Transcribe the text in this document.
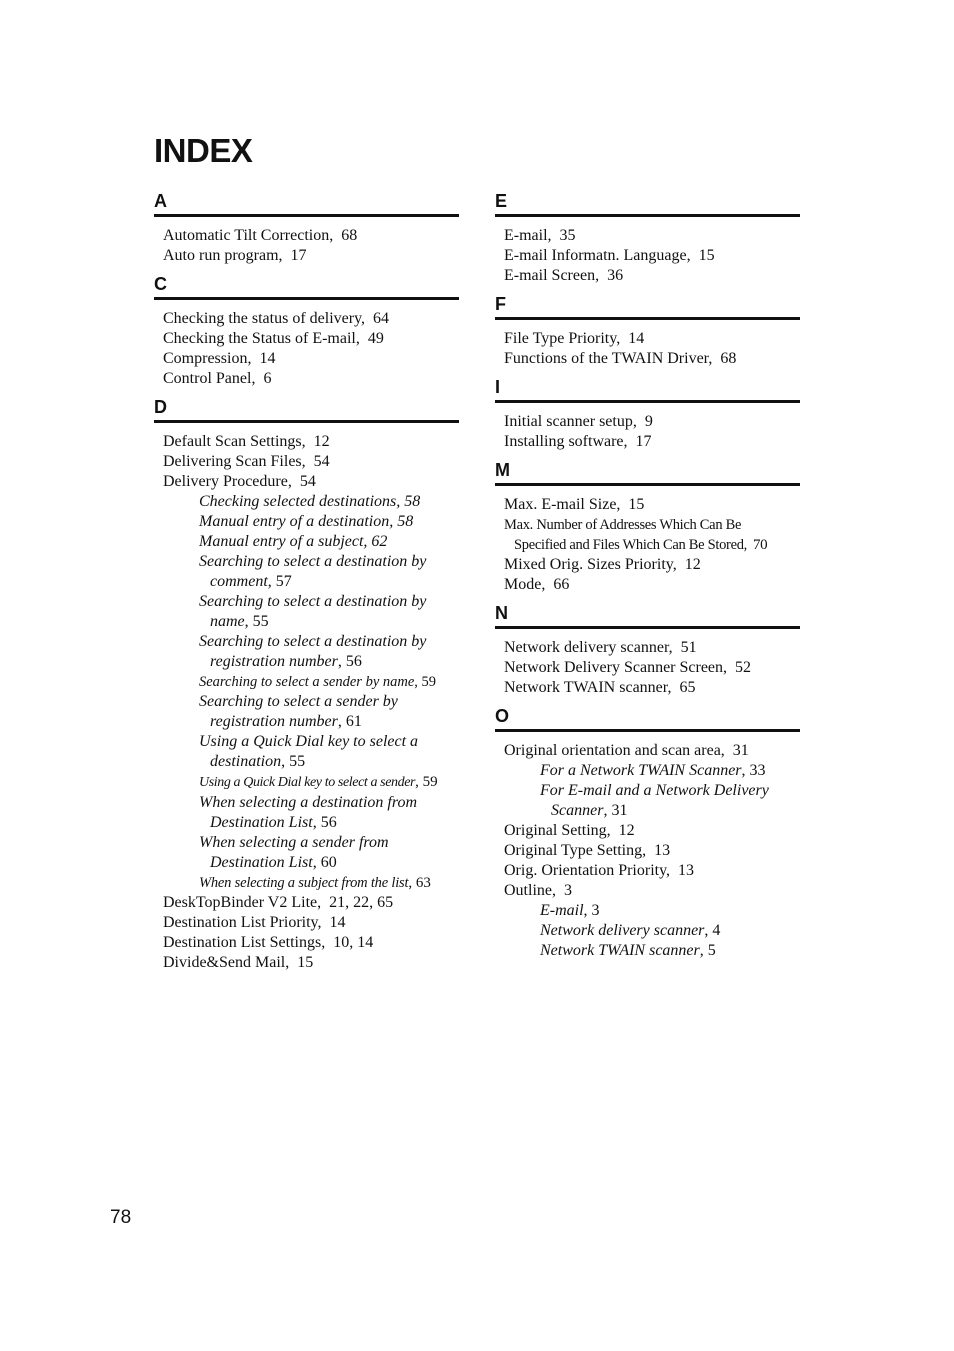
INDEX
A
Automatic Tilt Correction, 68
Auto run program, 17
C
Checking the status of delivery, 64
Checking the Status of E-mail, 49
Compression, 14
Control Panel, 6
D
Default Scan Settings, 12
Delivering Scan Files, 54
Delivery Procedure, 54
Checking selected destinations, 58
Manual entry of a destination, 58
Manual entry of a subject, 62
Searching to select a destination by
comment, 57
Searching to select a destination by
name, 55
Searching to select a destination by
registration number, 56
Searching to select a sender by name, 59
Searching to select a sender by
registration number, 61
Using a Quick Dial key to select a
destination, 55
Using a Quick Dial key to select a sender, 59
When selecting a destination from
Destination List, 56
When selecting a sender from
Destination List, 60
When selecting a subject from the list, 63
DeskTopBinder V2 Lite, 21, 22, 65
Destination List Priority, 14
Destination List Settings, 10, 14
Divide&Send Mail, 15
E
E-mail, 35
E-mail Informatn. Language, 15
E-mail Screen, 36
F
File Type Priority, 14
Functions of the TWAIN Driver, 68
I
Initial scanner setup, 9
Installing software, 17
M
Max. E-mail Size, 15
Max. Number of Addresses Which Can Be
Specified and Files Which Can Be Stored, 70
Mixed Orig. Sizes Priority, 12
Mode, 66
N
Network delivery scanner, 51
Network Delivery Scanner Screen, 52
Network TWAIN scanner, 65
O
Original orientation and scan area, 31
For a Network TWAIN Scanner, 33
For E-mail and a Network Delivery
Scanner, 31
Original Setting, 12
Original Type Setting, 13
Orig. Orientation Priority, 13
Outline, 3
E-mail, 3
Network delivery scanner, 4
Network TWAIN scanner, 5
78
